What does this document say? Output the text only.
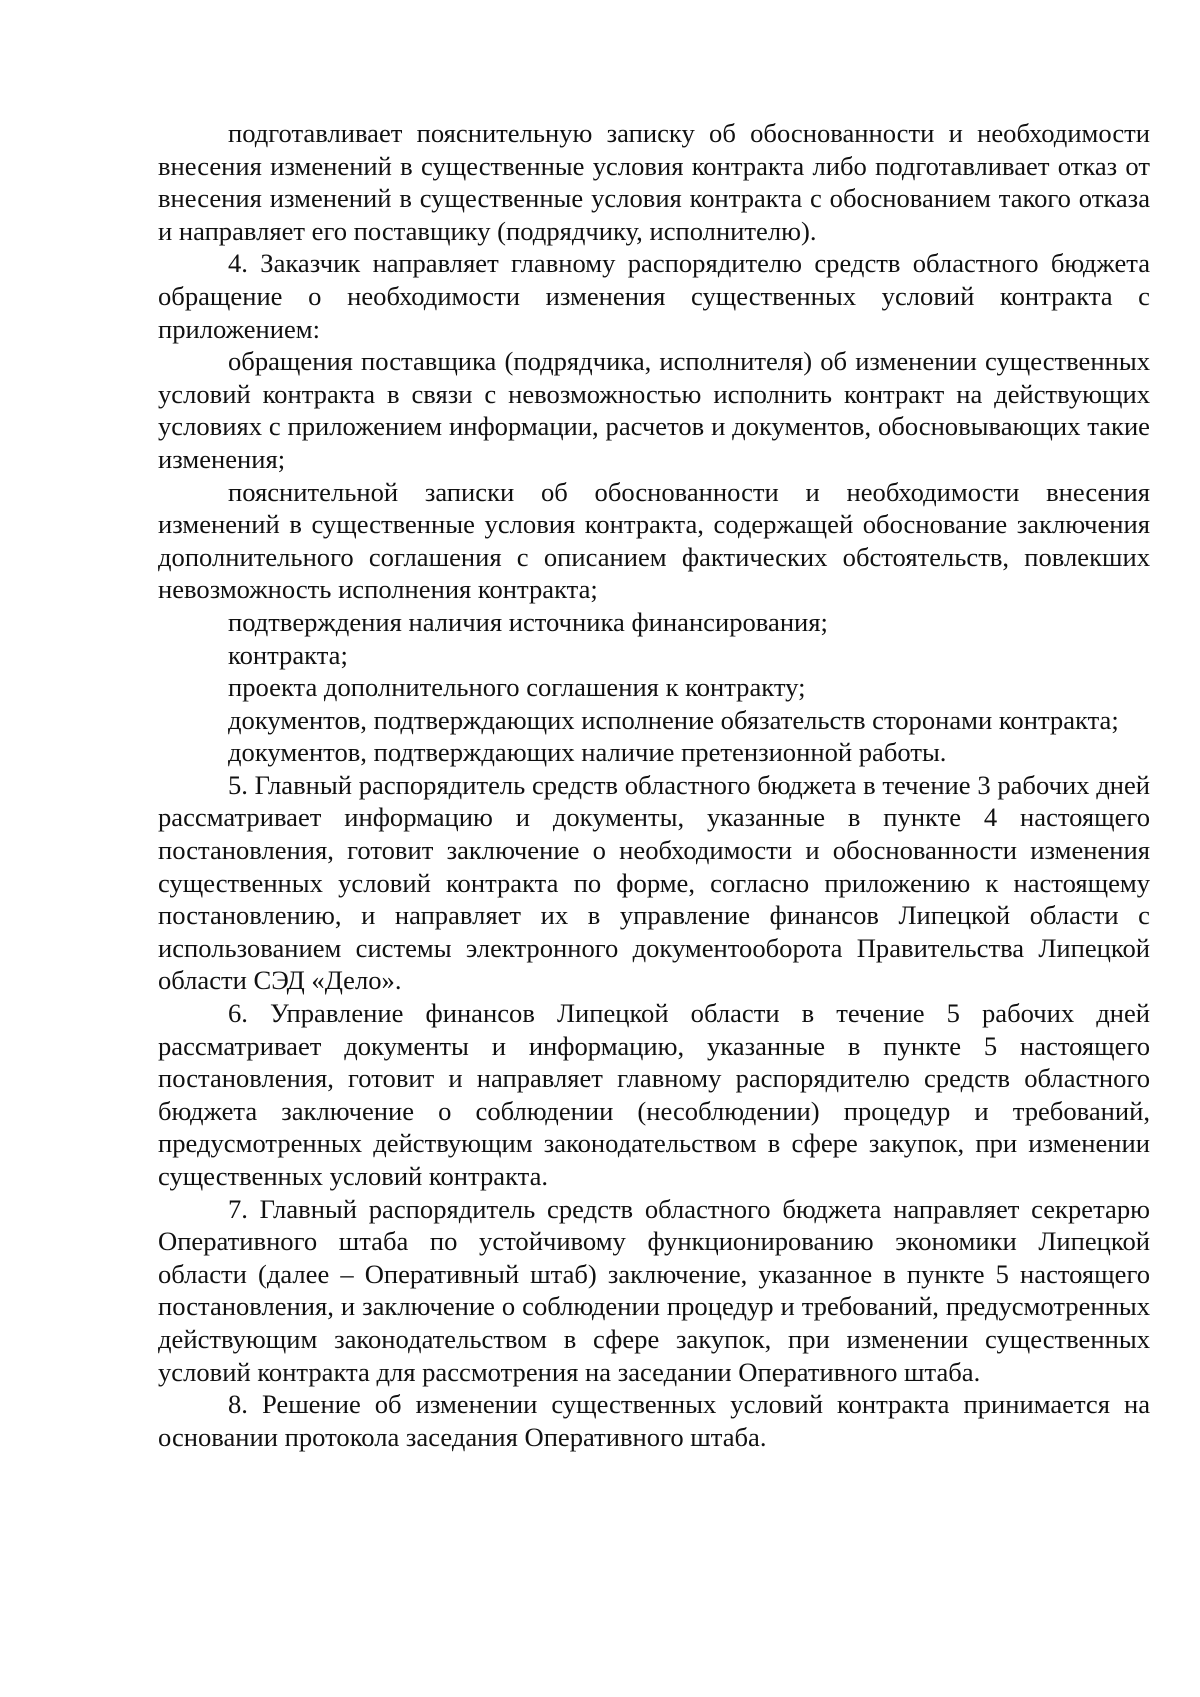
подготавливает пояснительную записку об обоснованности и необходимости внесения изменений в существенные условия контракта либо подготавливает отказ от внесения изменений в существенные условия контракта с обоснованием такого отказа и направляет его поставщику (подрядчику, исполнителю).

4. Заказчик направляет главному распорядителю средств областного бюджета обращение о необходимости изменения существенных условий контракта с приложением:

обращения поставщика (подрядчика, исполнителя) об изменении существенных условий контракта в связи с невозможностью исполнить контракт на действующих условиях с приложением информации, расчетов и документов, обосновывающих такие изменения;

пояснительной записки об обоснованности и необходимости внесения изменений в существенные условия контракта, содержащей обоснование заключения дополнительного соглашения с описанием фактических обстоятельств, повлекших невозможность исполнения контракта;

подтверждения наличия источника финансирования;

контракта;

проекта дополнительного соглашения к контракту;

документов, подтверждающих исполнение обязательств сторонами контракта;

документов, подтверждающих наличие претензионной работы.

5. Главный распорядитель средств областного бюджета в течение 3 рабочих дней рассматривает информацию и документы, указанные в пункте 4 настоящего постановления, готовит заключение о необходимости и обоснованности изменения существенных условий контракта по форме, согласно приложению к настоящему постановлению, и направляет их в управление финансов Липецкой области с использованием системы электронного документооборота Правительства Липецкой области СЭД «Дело».

6. Управление финансов Липецкой области в течение 5 рабочих дней рассматривает документы и информацию, указанные в пункте 5 настоящего постановления, готовит и направляет главному распорядителю средств областного бюджета заключение о соблюдении (несоблюдении) процедур и требований, предусмотренных действующим законодательством в сфере закупок, при изменении существенных условий контракта.

7. Главный распорядитель средств областного бюджета направляет секретарю Оперативного штаба по устойчивому функционированию экономики Липецкой области (далее – Оперативный штаб) заключение, указанное в пункте 5 настоящего постановления, и заключение о соблюдении процедур и требований, предусмотренных действующим законодательством в сфере закупок, при изменении существенных условий контракта для рассмотрения на заседании Оперативного штаба.

8. Решение об изменении существенных условий контракта принимается на основании протокола заседания Оперативного штаба.
